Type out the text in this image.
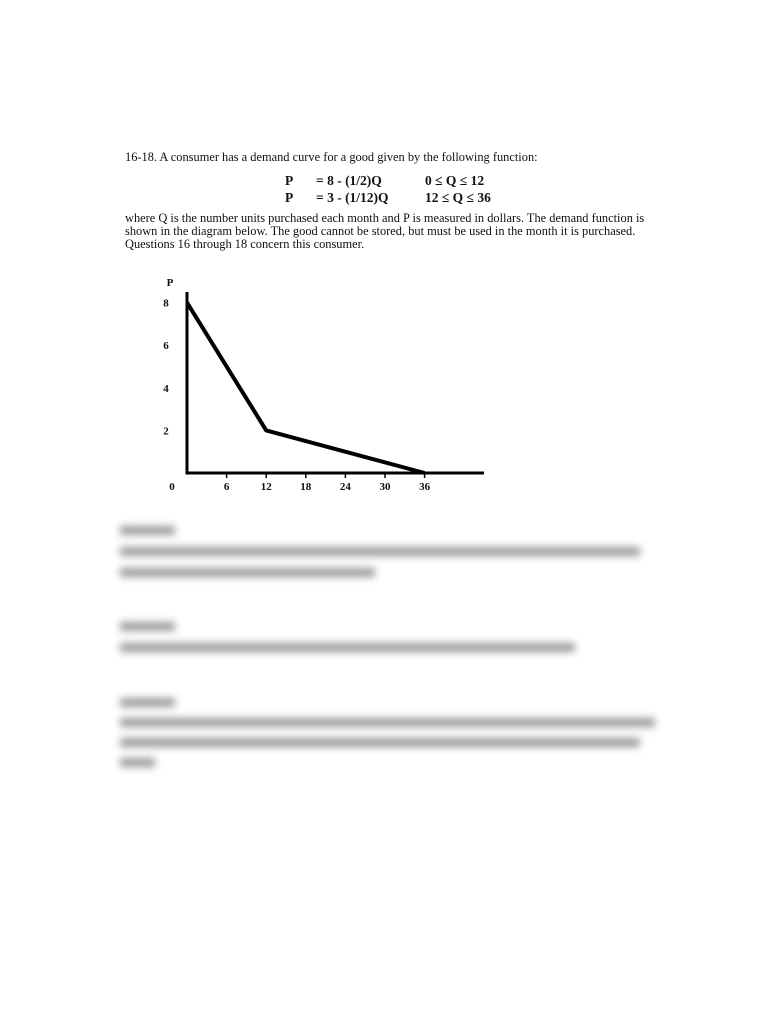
16-18. A consumer has a demand curve for a good given by the following function:
P = 8 - (1/2)Q	0 ≤ Q ≤ 12
P = 3 - (1/12)Q	12 ≤ Q ≤ 36
where Q is the number units purchased each month and P is measured in dollars. The demand function is
shown in the diagram below. The good cannot be stored, but must be used in the month it is purchased.
Questions 16 through 18 concern this consumer.
P
0	6	12	18	24	30	36
2
4
6
8
